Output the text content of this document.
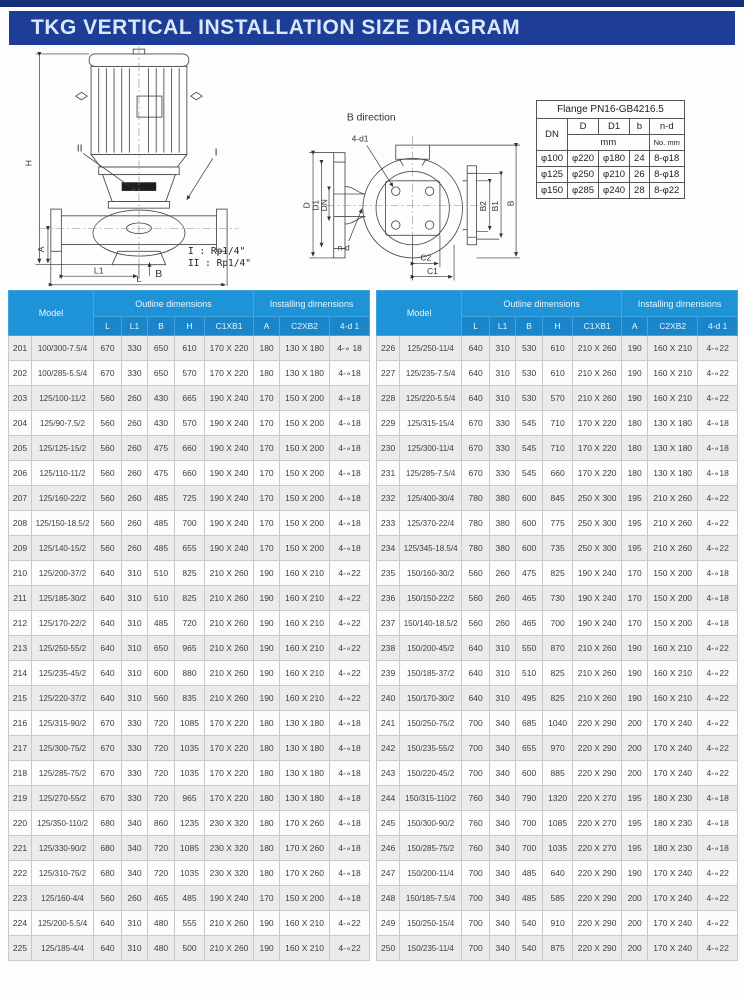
TKG VERTICAL INSTALLATION SIZE DIAGRAM
H
A
L1
L B
II	I
B direction
4-d1
D D1
DN
n-d
B2 B1 B
C2
C1
I : Rp1/4"
II : Rp1/4"
Flange PN16-GB4216.5				
DN	D	D1	b	n-d
	mm			No. mm
φ100	φ220	φ180	24	8-φ18
φ125	φ250	φ210	26	8-φ18
φ150	φ285	φ240	28	8-φ22
Model		Outline dimensions					Installing dimensions		
		L	L1	B	H	C1XB1	A	C2XB2	4-d 1
201	100/300-7.5/4	670	330	650	610	170 X 220	180	130 X 180	4-∘ 18
202	100/285-5.5/4	670	330	650	570	170 X 220	180	130 X 180	4-∘18
203	125/100-11/2	560	260	430	665	190 X 240	170	150 X 200	4-∘18
204	125/90-7.5/2	560	260	430	570	190 X 240	170	150 X 200	4-∘18
205	125/125-15/2	560	260	475	660	190 X 240	170	150 X 200	4-∘18
206	125/110-11/2	560	260	475	660	190 X 240	170	150 X 200	4-∘18
207	125/160-22/2	560	260	485	725	190 X 240	170	150 X 200	4-∘18
208	125/150-18.5/2	560	260	485	700	190 X 240	170	150 X 200	4-∘18
209	125/140-15/2	560	260	485	655	190 X 240	170	150 X 200	4-∘18
210	125/200-37/2	640	310	510	825	210 X 260	190	160 X 210	4-∘22
211	125/185-30/2	640	310	510	825	210 X 260	190	160 X 210	4-∘22
212	125/170-22/2	640	310	485	720	210 X 260	190	160 X 210	4-∘22
213	125/250-55/2	640	310	650	965	210 X 260	190	160 X 210	4-∘22
214	125/235-45/2	640	310	600	880	210 X 260	190	160 X 210	4-∘22
215	125/220-37/2	640	310	560	835	210 X 260	190	160 X 210	4-∘22
216	125/315-90/2	670	330	720	1085	170 X 220	180	130 X 180	4-∘18
217	125/300-75/2	670	330	720	1035	170 X 220	180	130 X 180	4-∘18
218	125/285-75/2	670	330	720	1035	170 X 220	180	130 X 180	4-∘18
219	125/270-55/2	670	330	720	965	170 X 220	180	130 X 180	4-∘18
220	125/350-110/2	680	340	860	1235	230 X 320	180	170 X 260	4-∘18
221	125/330-90/2	680	340	720	1085	230 X 320	180	170 X 260	4-∘18
222	125/310-75/2	680	340	720	1035	230 X 320	180	170 X 260	4-∘18
223	125/160-4/4	560	260	465	485	190 X 240	170	150 X 200	4-∘18
224	125/200-5.5/4	640	310	480	555	210 X 260	190	160 X 210	4-∘22
225	125/185-4/4	640	310	480	500	210 X 260	190	160 X 210	4-∘22
Model		Outline dimensions					Installing dimensions		
		L	L1	B	H	C1XB1	A	C2XB2	4-d 1
226	125/250-11/4	640	310	530	610	210 X 260	190	160 X 210	4-∘22
227	125/235-7.5/4	640	310	530	610	210 X 260	190	160 X 210	4-∘22
228	125/220-5.5/4	640	310	530	570	210 X 260	190	160 X 210	4-∘22
229	125/315-15/4	670	330	545	710	170 X 220	180	130 X 180	4-∘18
230	125/300-11/4	670	330	545	710	170 X 220	180	130 X 180	4-∘18
231	125/285-7.5/4	670	330	545	660	170 X 220	180	130 X 180	4-∘18
232	125/400-30/4	780	380	600	845	250 X 300	195	210 X 260	4-∘22
233	125/370-22/4	780	380	600	775	250 X 300	195	210 X 260	4-∘22
234	125/345-18.5/4	780	380	600	735	250 X 300	195	210 X 260	4-∘22
235	150/160-30/2	560	260	475	825	190 X 240	170	150 X 200	4-∘18
236	150/150-22/2	560	260	465	730	190 X 240	170	150 X 200	4-∘18
237	150/140-18.5/2	560	260	465	700	190 X 240	170	150 X 200	4-∘18
238	150/200-45/2	640	310	550	870	210 X 260	190	160 X 210	4-∘22
239	150/185-37/2	640	310	510	825	210 X 260	190	160 X 210	4-∘22
240	150/170-30/2	640	310	495	825	210 X 260	190	160 X 210	4-∘22
241	150/250-75/2	700	340	685	1040	220 X 290	200	170 X 240	4-∘22
242	150/235-55/2	700	340	655	970	220 X 290	200	170 X 240	4-∘22
243	150/220-45/2	700	340	600	885	220 X 290	200	170 X 240	4-∘22
244	150/315-110/2	760	340	790	1320	220 X 270	195	180 X 230	4-∘18
245	150/300-90/2	760	340	700	1085	220 X 270	195	180 X 230	4-∘18
246	150/285-75/2	760	340	700	1035	220 X 270	195	180 X 230	4-∘18
247	150/200-11/4	700	340	485	640	220 X 290	190	170 X 240	4-∘22
248	150/185-7.5/4	700	340	485	585	220 X 290	200	170 X 240	4-∘22
249	150/250-15/4	700	340	540	910	220 X 290	200	170 X 240	4-∘22
250	150/235-11/4	700	340	540	875	220 X 290	200	170 X 240	4-∘22
